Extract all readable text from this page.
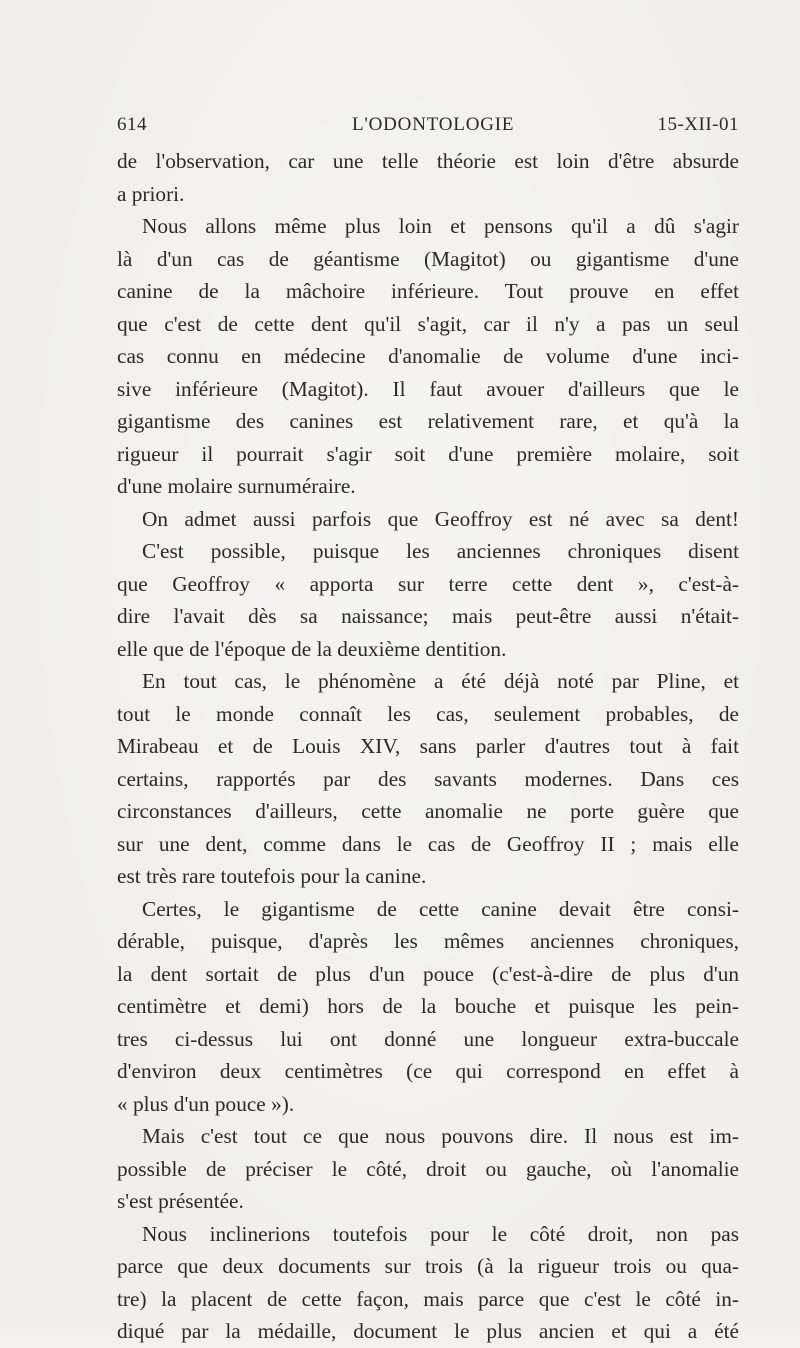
614	L'ODONTOLOGIE	15-XII-01
de l'observation, car une telle théorie est loin d'être absurde
a priori.
Nous allons même plus loin et pensons qu'il a dû s'agir
là d'un cas de géantisme (Magitot) ou gigantisme d'une
canine de la mâchoire inférieure. Tout prouve en effet
que c'est de cette dent qu'il s'agit, car il n'y a pas un seul
cas connu en médecine d'anomalie de volume d'une inci-
sive inférieure (Magitot). Il faut avouer d'ailleurs que le
gigantisme des canines est relativement rare, et qu'à la
rigueur il pourrait s'agir soit d'une première molaire, soit
d'une molaire surnuméraire.
On admet aussi parfois que Geoffroy est né avec sa dent!
C'est possible, puisque les anciennes chroniques disent
que Geoffroy « apporta sur terre cette dent », c'est-à-
dire l'avait dès sa naissance; mais peut-être aussi n'était-
elle que de l'époque de la deuxième dentition.
En tout cas, le phénomène a été déjà noté par Pline, et
tout le monde connaît les cas, seulement probables, de
Mirabeau et de Louis XIV, sans parler d'autres tout à fait
certains, rapportés par des savants modernes. Dans ces
circonstances d'ailleurs, cette anomalie ne porte guère que
sur une dent, comme dans le cas de Geoffroy II ; mais elle
est très rare toutefois pour la canine.
Certes, le gigantisme de cette canine devait être consi-
dérable, puisque, d'après les mêmes anciennes chroniques,
la dent sortait de plus d'un pouce (c'est-à-dire de plus d'un
centimètre et demi) hors de la bouche et puisque les pein-
tres ci-dessus lui ont donné une longueur extra-buccale
d'environ deux centimètres (ce qui correspond en effet à
« plus d'un pouce »).
Mais c'est tout ce que nous pouvons dire. Il nous est im-
possible de préciser le côté, droit ou gauche, où l'anomalie
s'est présentée.
Nous inclinerions toutefois pour le côté droit, non pas
parce que deux documents sur trois (à la rigueur trois ou qua-
tre) la placent de cette façon, mais parce que c'est le côté in-
diqué par la médaille, document le plus ancien et qui a été
